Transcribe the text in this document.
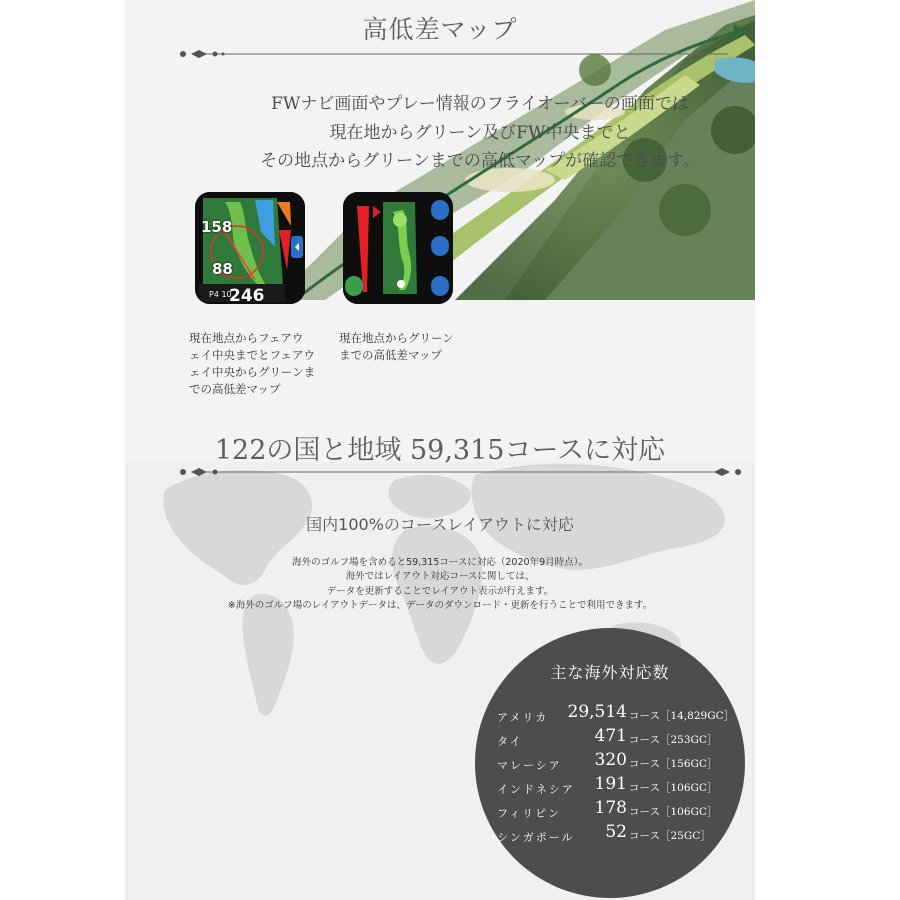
高低差マップ
FWナビ画面やプレー情報のフライオーバーの画面では
現在地からグリーン及びFW中央までと
その地点からグリーンまでの高低マップが確認できます。
158
88
P4 10
246
現在地点からフェアウ
ェイ中央までとフェアウ
ェイ中央からグリーンま
での高低差マップ
現在地点からグリーン
までの高低差マップ
122の国と地域 59,315コースに対応
国内100%のコースレイアウトに対応
海外のゴルフ場を含めると59,315コースに対応（2020年9月時点）。
海外ではレイアウト対応コースに関しては、
データを更新することでレイアウト表示が行えます。
※海外のゴルフ場のレイアウトデータは、データのダウンロード・更新を行うことで利用できます。
主な海外対応数
アメリカ 29,514 コース［14,829GC］
タイ	471 コース［253GC］
マレーシア 320 コース［156GC］
インドネシア 191 コース［106GC］
フィリピン 178 コース［106GC］
シンガポール 52 コース［25GC］
